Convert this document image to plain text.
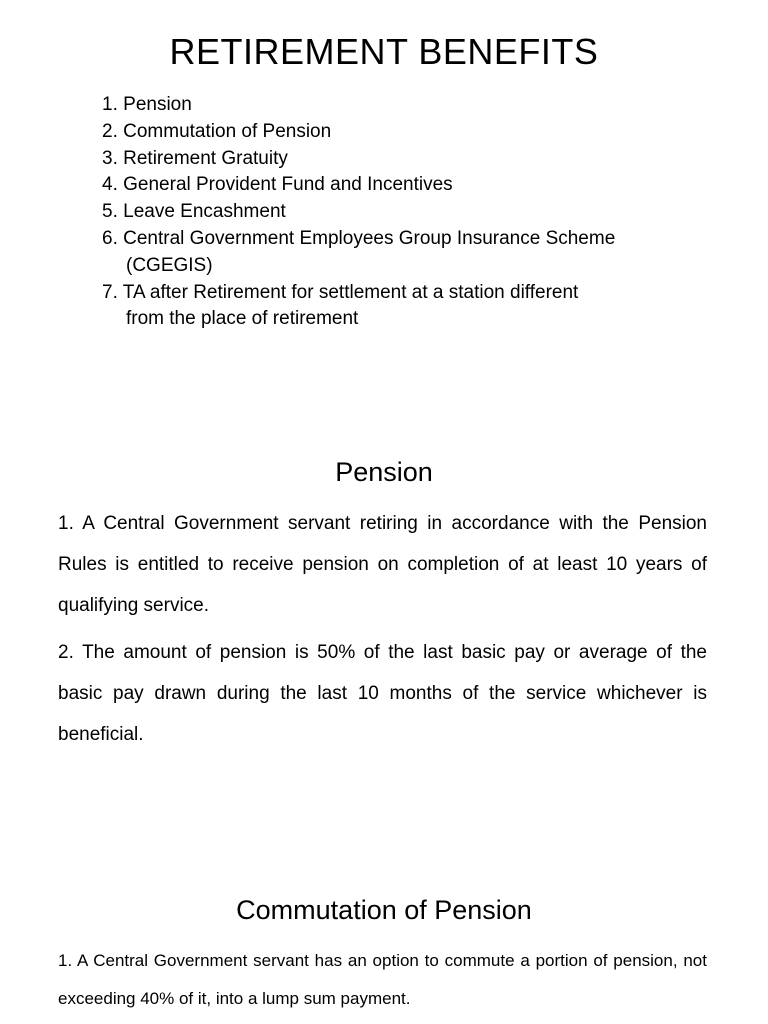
RETIREMENT BENEFITS
1. Pension
2. Commutation of Pension
3. Retirement Gratuity
4. General Provident Fund and Incentives
5. Leave Encashment
6. Central Government Employees Group Insurance Scheme
(CGEGIS)
7. TA after Retirement for settlement at a station different
from the place of retirement
Pension

1. A Central Government servant retiring in accordance with the Pension Rules is entitled to receive pension on completion of at least 10 years of qualifying service.

2. The amount of pension is 50% of the last basic pay or average of the basic pay drawn during the last 10 months of the service whichever is beneficial.

Commutation of Pension

1. A Central Government servant has an option to commute a portion of pension, not exceeding 40% of it, into a lump sum payment.
